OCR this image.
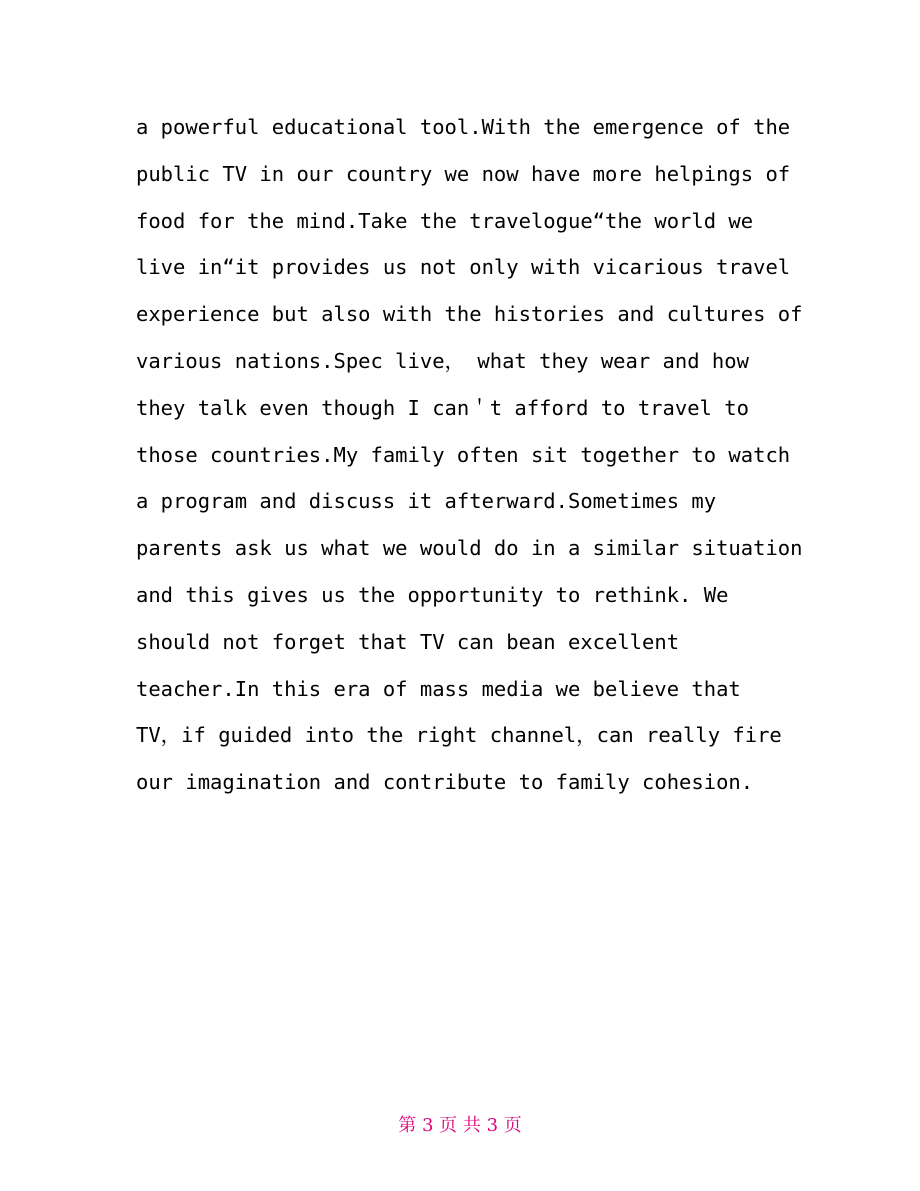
a powerful educational tool.With the emergence of the
public TV in our country we now have more helpings of
food for the mind.Take the travelogue“the world we
live in“it provides us not only with vicarious travel
experience but also with the histories and cultures of
various nations.Spec live， what they wear and how
they talk even though I can＇t afford to travel to
those countries.My family often sit together to watch
a program and discuss it afterward.Sometimes my
parents ask us what we would do in a similar situation
and this gives us the opportunity to rethink. We
should not forget that TV can bean excellent
teacher.In this era of mass media we believe that
TV，if guided into the right channel，can really fire
our imagination and contribute to family cohesion.
第 3 页 共 3 页
